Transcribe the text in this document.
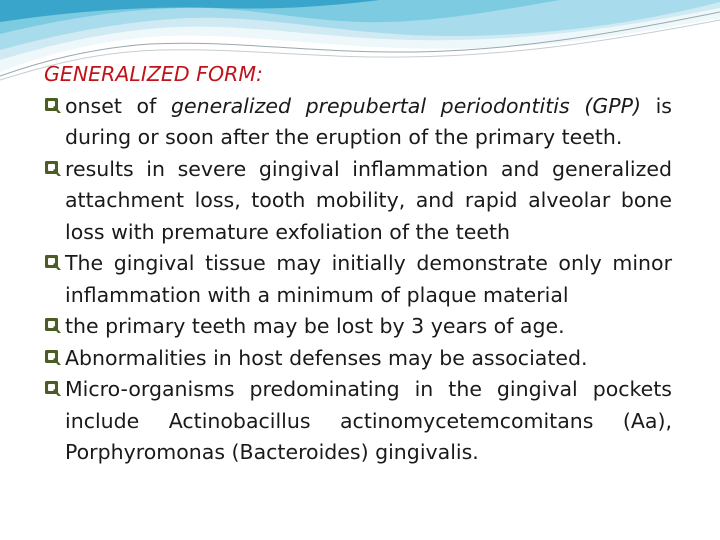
GENERALIZED FORM:
onset of generalized prepubertal periodontitis (GPP) is during or soon after the eruption of the primary teeth.
results in severe gingival inflammation and generalized attachment loss, tooth mobility, and rapid alveolar bone loss with premature exfoliation of the teeth
The gingival tissue may initially demonstrate only minor inflammation with a minimum of plaque material
the primary teeth may be lost by 3 years of age.
Abnormalities in host defenses may be associated.
Micro-organisms predominating in the gingival pockets include Actinobacillus actinomycetemcomitans (Aa), Porphyromonas (Bacteroides) gingivalis.
